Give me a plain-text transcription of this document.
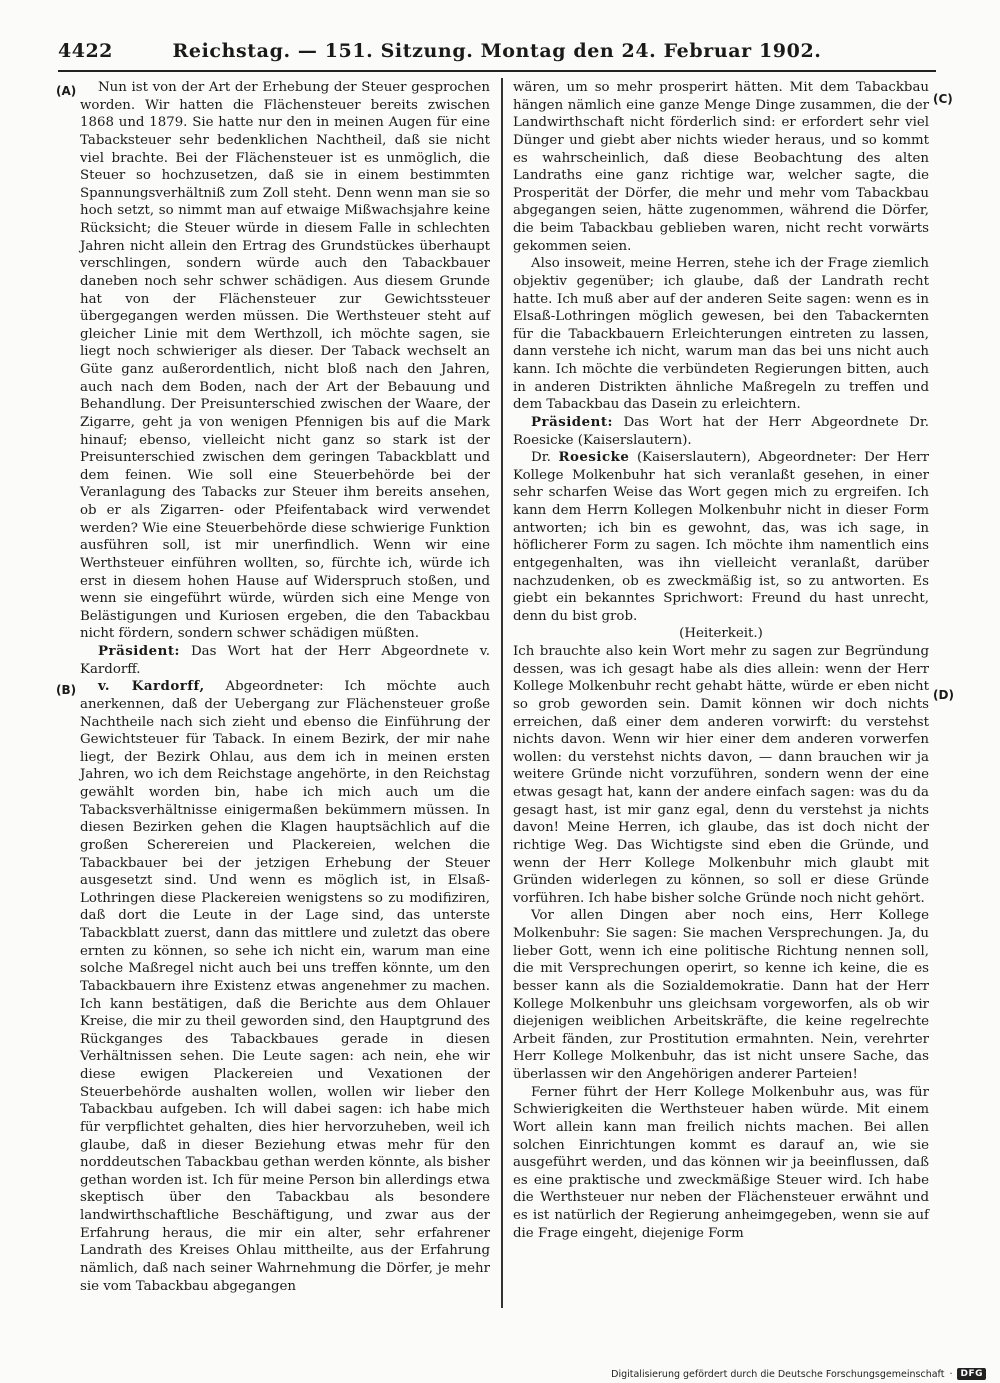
4422	Reichstag. — 151. Sitzung. Montag den 24. Februar 1902.
(A)
(B)
(C)
(D)

Nun ist von der Art der Erhebung der Steuer gesprochen worden. Wir hatten die Flächensteuer bereits zwischen 1868 und 1879. Sie hatte nur den in meinen Augen für eine Tabacksteuer sehr bedenklichen Nachtheil, daß sie nicht viel brachte. Bei der Flächensteuer ist es unmöglich, die Steuer so hochzusetzen, daß sie in einem bestimmten Spannungsverhältniß zum Zoll steht. Denn wenn man sie so hoch setzt, so nimmt man auf etwaige Mißwachsjahre keine Rücksicht; die Steuer würde in diesem Falle in schlechten Jahren nicht allein den Ertrag des Grundstückes überhaupt verschlingen, sondern würde auch den Tabackbauer daneben noch sehr schwer schädigen. Aus diesem Grunde hat von der Flächensteuer zur Gewichtssteuer übergegangen werden müssen. Die Werthsteuer steht auf gleicher Linie mit dem Werthzoll, ich möchte sagen, sie liegt noch schwieriger als dieser. Der Taback wechselt an Güte ganz außerordentlich, nicht bloß nach den Jahren, auch nach dem Boden, nach der Art der Bebauung und Behandlung. Der Preisunterschied zwischen der Waare, der Zigarre, geht ja von wenigen Pfennigen bis auf die Mark hinauf; ebenso, vielleicht nicht ganz so stark ist der Preisunterschied zwischen dem geringen Tabackblatt und dem feinen. Wie soll eine Steuerbehörde bei der Veranlagung des Tabacks zur Steuer ihm bereits ansehen, ob er als Zigarren- oder Pfeifentaback wird verwendet werden? Wie eine Steuerbehörde diese schwierige Funktion ausführen soll, ist mir unerfindlich. Wenn wir eine Werthsteuer einführen wollten, so, fürchte ich, würde ich erst in diesem hohen Hause auf Widerspruch stoßen, und wenn sie eingeführt würde, würden sich eine Menge von Belästigungen und Kuriosen ergeben, die den Tabackbau nicht fördern, sondern schwer schädigen müßten.

Präsident: Das Wort hat der Herr Abgeordnete v. Kardorff.

v. Kardorff, Abgeordneter: Ich möchte auch anerkennen, daß der Uebergang zur Flächensteuer große Nachtheile nach sich zieht und ebenso die Einführung der Gewichtsteuer für Taback. In einem Bezirk, der mir nahe liegt, der Bezirk Ohlau, aus dem ich in meinen ersten Jahren, wo ich dem Reichstage angehörte, in den Reichstag gewählt worden bin, habe ich mich auch um die Tabacksverhältnisse einigermaßen bekümmern müssen. In diesen Bezirken gehen die Klagen hauptsächlich auf die großen Scherereien und Plackereien, welchen die Tabackbauer bei der jetzigen Erhebung der Steuer ausgesetzt sind. Und wenn es möglich ist, in Elsaß-Lothringen diese Plackereien wenigstens so zu modifiziren, daß dort die Leute in der Lage sind, das unterste Tabackblatt zuerst, dann das mittlere und zuletzt das obere ernten zu können, so sehe ich nicht ein, warum man eine solche Maßregel nicht auch bei uns treffen könnte, um den Tabackbauern ihre Existenz etwas angenehmer zu machen. Ich kann bestätigen, daß die Berichte aus dem Ohlauer Kreise, die mir zu theil geworden sind, den Hauptgrund des Rückganges des Tabackbaues gerade in diesen Verhältnissen sehen. Die Leute sagen: ach nein, ehe wir diese ewigen Plackereien und Vexationen der Steuerbehörde aushalten wollen, wollen wir lieber den Tabackbau aufgeben. Ich will dabei sagen: ich habe mich für verpflichtet gehalten, dies hier hervorzuheben, weil ich glaube, daß in dieser Beziehung etwas mehr für den norddeutschen Tabackbau gethan werden könnte, als bisher gethan worden ist. Ich für meine Person bin allerdings etwa skeptisch über den Tabackbau als besondere landwirthschaftliche Beschäftigung, und zwar aus der Erfahrung heraus, die mir ein alter, sehr erfahrener Landrath des Kreises Ohlau mittheilte, aus der Erfahrung nämlich, daß nach seiner Wahrnehmung die Dörfer, je mehr sie vom Tabackbau abgegangen

wären, um so mehr prosperirt hätten. Mit dem Tabackbau hängen nämlich eine ganze Menge Dinge zusammen, die der Landwirthschaft nicht förderlich sind: er erfordert sehr viel Dünger und giebt aber nichts wieder heraus, und so kommt es wahrscheinlich, daß diese Beobachtung des alten Landraths eine ganz richtige war, welcher sagte, die Prosperität der Dörfer, die mehr und mehr vom Tabackbau abgegangen seien, hätte zugenommen, während die Dörfer, die beim Tabackbau geblieben waren, nicht recht vorwärts gekommen seien.

Also insoweit, meine Herren, stehe ich der Frage ziemlich objektiv gegenüber; ich glaube, daß der Landrath recht hatte. Ich muß aber auf der anderen Seite sagen: wenn es in Elsaß-Lothringen möglich gewesen, bei den Tabackernten für die Tabackbauern Erleichterungen eintreten zu lassen, dann verstehe ich nicht, warum man das bei uns nicht auch kann. Ich möchte die verbündeten Regierungen bitten, auch in anderen Distrikten ähnliche Maßregeln zu treffen und dem Tabackbau das Dasein zu erleichtern.

Präsident: Das Wort hat der Herr Abgeordnete Dr. Roesicke (Kaiserslautern).

Dr. Roesicke (Kaiserslautern), Abgeordneter: Der Herr Kollege Molkenbuhr hat sich veranlaßt gesehen, in einer sehr scharfen Weise das Wort gegen mich zu ergreifen. Ich kann dem Herrn Kollegen Molkenbuhr nicht in dieser Form antworten; ich bin es gewohnt, das, was ich sage, in höflicherer Form zu sagen. Ich möchte ihm namentlich eins entgegenhalten, was ihn vielleicht veranlaßt, darüber nachzudenken, ob es zweckmäßig ist, so zu antworten. Es giebt ein bekanntes Sprichwort: Freund du hast unrecht, denn du bist grob.

(Heiterkeit.)

Ich brauchte also kein Wort mehr zu sagen zur Begründung dessen, was ich gesagt habe als dies allein: wenn der Herr Kollege Molkenbuhr recht gehabt hätte, würde er eben nicht so grob geworden sein. Damit können wir doch nichts erreichen, daß einer dem anderen vorwirft: du verstehst nichts davon. Wenn wir hier einer dem anderen vorwerfen wollen: du verstehst nichts davon, — dann brauchen wir ja weitere Gründe nicht vorzuführen, sondern wenn der eine etwas gesagt hat, kann der andere einfach sagen: was du da gesagt hast, ist mir ganz egal, denn du verstehst ja nichts davon! Meine Herren, ich glaube, das ist doch nicht der richtige Weg. Das Wichtigste sind eben die Gründe, und wenn der Herr Kollege Molkenbuhr mich glaubt mit Gründen widerlegen zu können, so soll er diese Gründe vorführen. Ich habe bisher solche Gründe noch nicht gehört.

Vor allen Dingen aber noch eins, Herr Kollege Molkenbuhr: Sie sagen: Sie machen Versprechungen. Ja, du lieber Gott, wenn ich eine politische Richtung nennen soll, die mit Versprechungen operirt, so kenne ich keine, die es besser kann als die Sozialdemokratie. Dann hat der Herr Kollege Molkenbuhr uns gleichsam vorgeworfen, als ob wir diejenigen weiblichen Arbeitskräfte, die keine regelrechte Arbeit fänden, zur Prostitution ermahnten. Nein, verehrter Herr Kollege Molkenbuhr, das ist nicht unsere Sache, das überlassen wir den Angehörigen anderer Parteien!

Ferner führt der Herr Kollege Molkenbuhr aus, was für Schwierigkeiten die Werthsteuer haben würde. Mit einem Wort allein kann man freilich nichts machen. Bei allen solchen Einrichtungen kommt es darauf an, wie sie ausgeführt werden, und das können wir ja beeinflussen, daß es eine praktische und zweckmäßige Steuer wird. Ich habe die Werthsteuer nur neben der Flächensteuer erwähnt und es ist natürlich der Regierung anheimgegeben, wenn sie auf die Frage eingeht, diejenige Form

Digitalisierung gefördert durch die Deutsche Forschungsgemeinschaft · DFG
